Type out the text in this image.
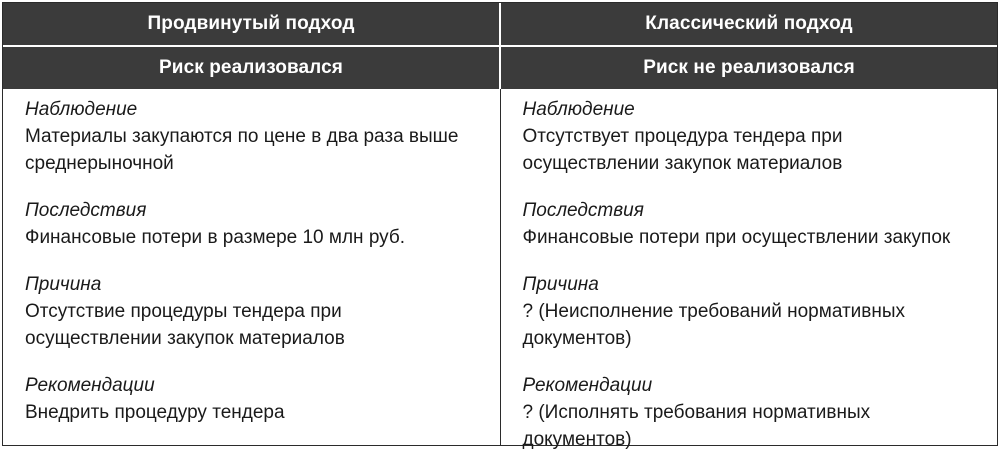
Продвинутый подход	Классический подход
Риск реализовался	Риск не реализовался
Наблюдение
Материалы закупаются по цене в два раза выше среднерыночной
Последствия
Финансовые потери в размере 10 млн руб.
Причина
Отсутствие процедуры тендера при осуществлении закупок материалов
Рекомендации
Внедрить процедуру тендера
Наблюдение
Отсутствует процедура тендера при осуществлении закупок материалов
Последствия
Финансовые потери при осуществлении закупок
Причина
? (Неисполнение требований нормативных документов)
Рекомендации
? (Исполнять требования нормативных документов)
